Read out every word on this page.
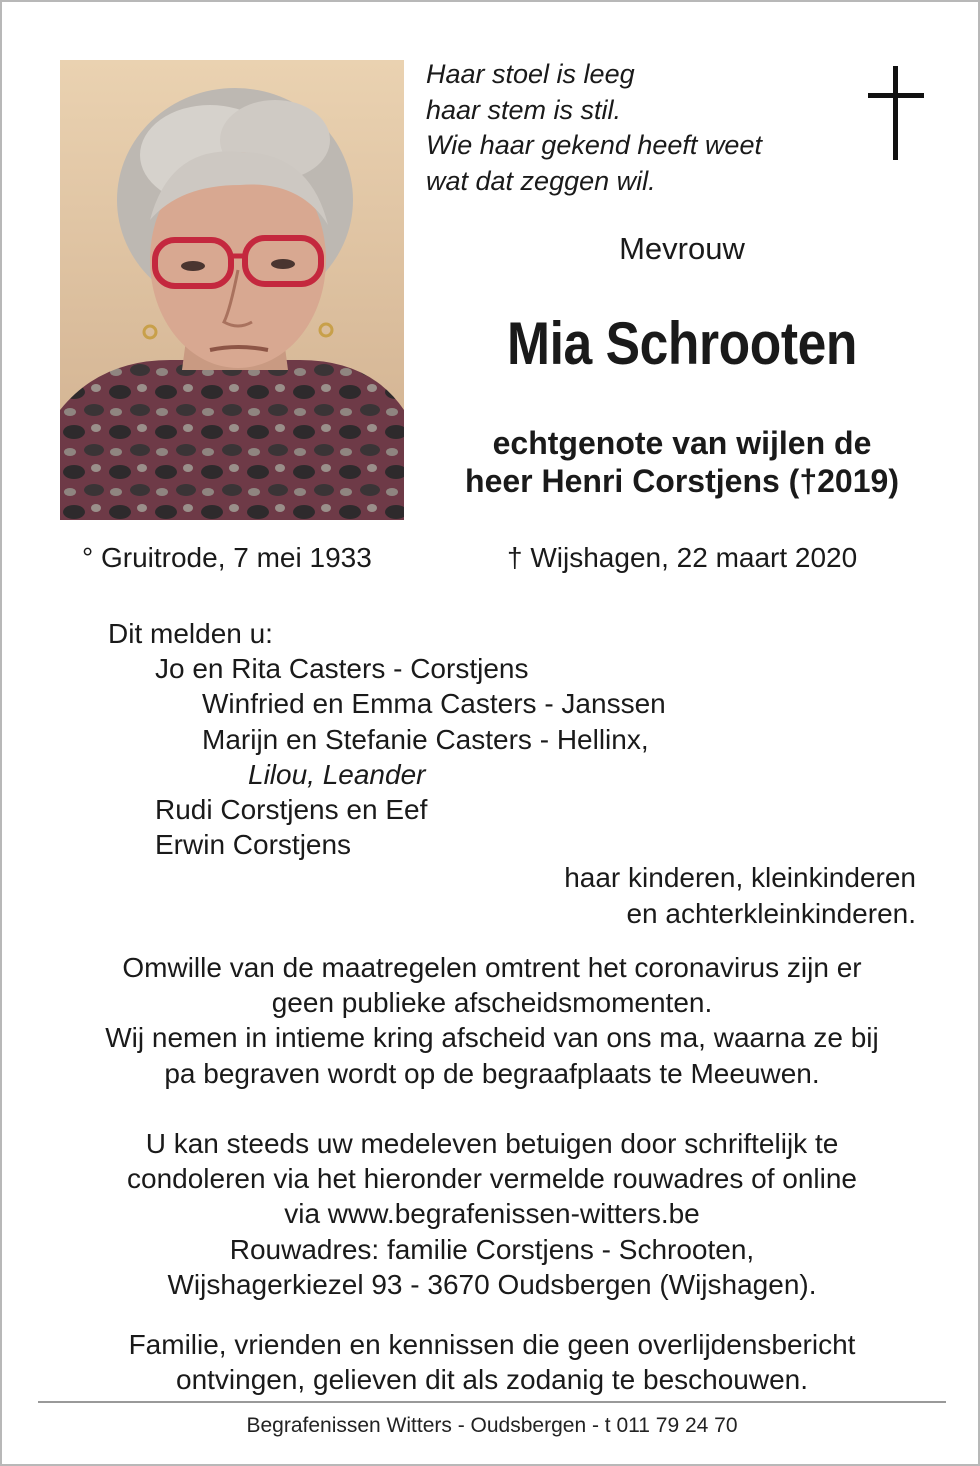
Haar stoel is leeg
haar stem is stil.
Wie haar gekend heeft weet
wat dat zeggen wil.
Mevrouw
Mia Schrooten
echtgenote van wijlen de
heer Henri Corstjens (†2019)
° Gruitrode, 7 mei 1933	† Wijshagen, 22 maart 2020
Dit melden u:
Jo en Rita Casters - Corstjens
Winfried en Emma Casters - Janssen
Marijn en Stefanie Casters - Hellinx,
Lilou, Leander
Rudi Corstjens en Eef
Erwin Corstjens
haar kinderen, kleinkinderen
en achterkleinkinderen.
Omwille van de maatregelen omtrent het coronavirus zijn er
geen publieke afscheidsmomenten.
Wij nemen in intieme kring afscheid van ons ma, waarna ze bij
pa begraven wordt op de begraafplaats te Meeuwen.
U kan steeds uw medeleven betuigen door schriftelijk te
condoleren via het hieronder vermelde rouwadres of online
via www.begrafenissen-witters.be
Rouwadres: familie Corstjens - Schrooten,
Wijshagerkiezel 93 - 3670 Oudsbergen (Wijshagen).
Familie, vrienden en kennissen die geen overlijdensbericht
ontvingen, gelieven dit als zodanig te beschouwen.
Begrafenissen Witters - Oudsbergen - t 011 79 24 70
